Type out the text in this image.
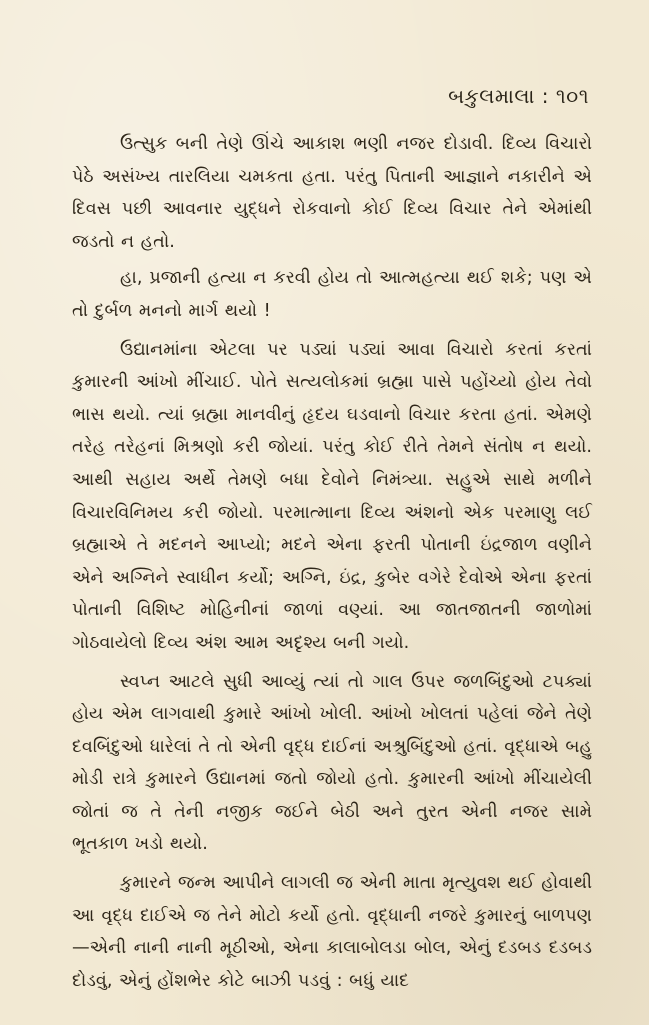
બકુલમાલા : ૧૦૧

ઉત્સુક બની તેણે ઊંચે આકાશ ભણી નજર દોડાવી. દિવ્ય વિચારો પેઠે અસંખ્ય તારલિયા ચમકતા હતા. પરંતુ પિતાની આજ્ઞાને નકારીને એ દિવસ પછી આવનાર યુદ્ધને રોકવાનો કોઈ દિવ્ય વિચાર તેને એમાંથી જડતો ન હતો.

હા, પ્રજાની હત્યા ન કરવી હોય તો આત્મહત્યા થઈ શકે; પણ એ તો દુર્બળ મનનો માર્ગ થયો !

ઉદ્યાનમાંના એટલા પર પડ્યાં પડ્યાં આવા વિચારો કરતાં કરતાં કુમારની આંખો મીંચાઈ. પોતે સત્યલોકમાં બ્રહ્મા પાસે પહોંચ્યો હોય તેવો ભાસ થયો. ત્યાં બ્રહ્મા માનવીનું હૃદય ઘડવાનો વિચાર કરતા હતાં. એમણે તરેહ તરેહનાં મિશ્રણો કરી જોયાં. પરંતુ કોઈ રીતે તેમને સંતોષ ન થયો. આથી સહાય અર્થે તેમણે બધા દેવોને નિમંત્ર્યા. સહુએ સાથે મળીને વિચારવિનિમય કરી જોયો. પરમાત્માના દિવ્ય અંશનો એક પરમાણુ લઈ બ્રહ્માએ તે મદનને આપ્યો; મદને એના ફરતી પોતાની ઇંદ્રજાળ વણીને એને અગ્નિને સ્વાધીન કર્યો; અગ્નિ, ઇંદ્ર, કુબેર વગેરે દેવોએ એના ફરતાં પોતાની વિશિષ્ટ મોહિનીનાં જાળાં વણ્યાં. આ જાતજાતની જાળોમાં ગોઠવાયેલો દિવ્ય અંશ આમ અદૃશ્ય બની ગયો.

સ્વપ્ન આટલે સુધી આવ્યું ત્યાં તો ગાલ ઉપર જળબિંદુઓ ટપક્યાં હોય એમ લાગવાથી કુમારે આંખો ખોલી. આંખો ખોલતાં પહેલાં જેને તેણે દવબિંદુઓ ધારેલાં તે તો એની વૃદ્ધ દાઈનાં અશ્રુબિંદુઓ હતાં. વૃદ્ધાએ બહુ મોડી રાત્રે કુમારને ઉદ્યાનમાં જતો જોયો હતો. કુમારની આંખો મીંચાયેલી જોતાં જ તે તેની નજીક જઈને બેઠી અને તુરત એની નજર સામે ભૂતકાળ ખડો થયો.

કુમારને જન્મ આપીને લાગલી જ એની માતા મૃત્યુવશ થઈ હોવાથી આ વૃદ્ધ દાઈએ જ તેને મોટો કર્યો હતો. વૃદ્ધાની નજરે કુમારનું બાળપણ—એની નાની નાની મૂઠીઓ, એના કાલાબોલડા બોલ, એનું દડબડ દડબડ દોડવું, એનું હોંશભેર કોટે બાઝી પડવું : બધું યાદ
